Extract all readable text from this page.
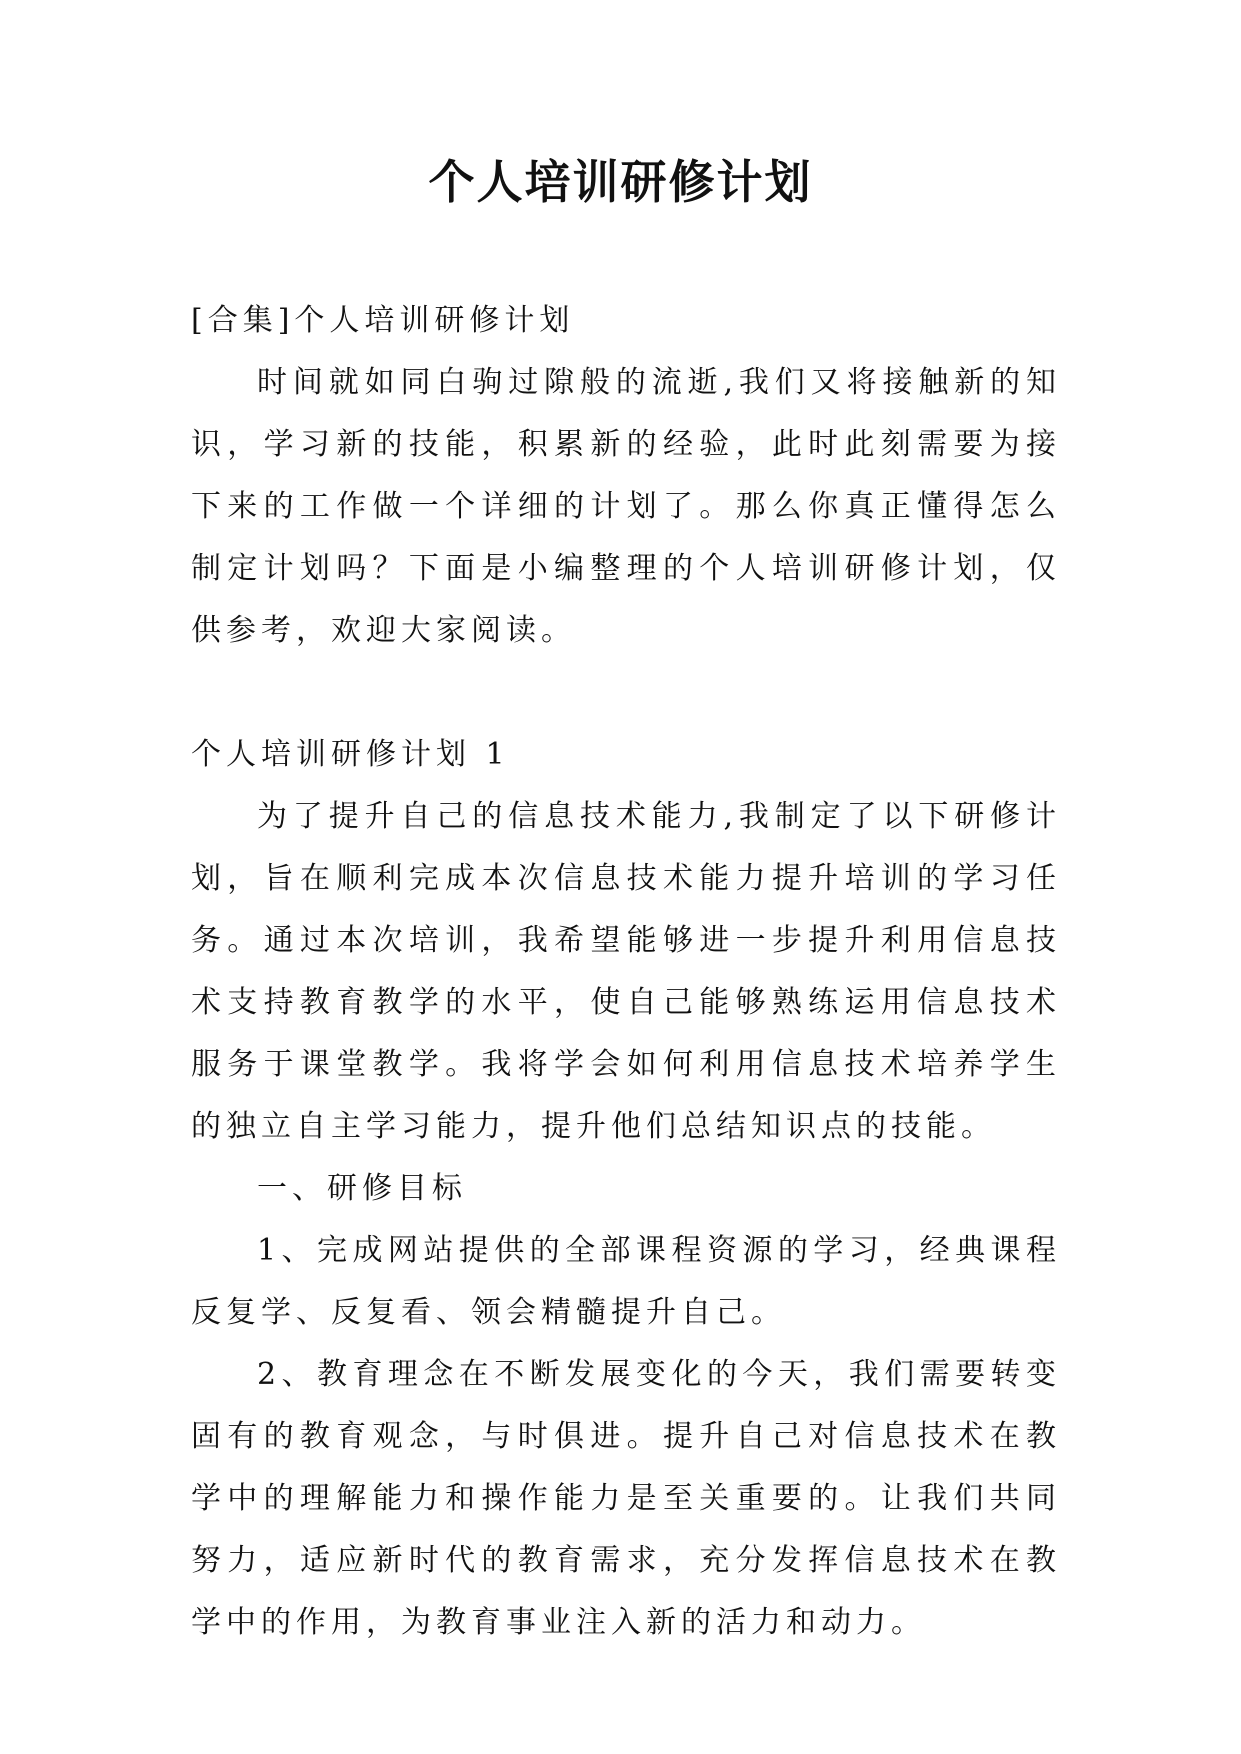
个人培训研修计划

[合集]个人培训研修计划

时间就如同白驹过隙般的流逝,我们又将接触新的知识，学习新的技能，积累新的经验，此时此刻需要为接下来的工作做一个详细的计划了。那么你真正懂得怎么制定计划吗？下面是小编整理的个人培训研修计划，仅供参考，欢迎大家阅读。

个人培训研修计划 1

为了提升自己的信息技术能力,我制定了以下研修计划，旨在顺利完成本次信息技术能力提升培训的学习任务。通过本次培训，我希望能够进一步提升利用信息技术支持教育教学的水平，使自己能够熟练运用信息技术服务于课堂教学。我将学会如何利用信息技术培养学生的独立自主学习能力，提升他们总结知识点的技能。

一、研修目标

1、完成网站提供的全部课程资源的学习，经典课程反复学、反复看、领会精髓提升自己。

2、教育理念在不断发展变化的今天，我们需要转变固有的教育观念，与时俱进。提升自己对信息技术在教学中的理解能力和操作能力是至关重要的。让我们共同努力，适应新时代的教育需求，充分发挥信息技术在教学中的作用，为教育事业注入新的活力和动力。
